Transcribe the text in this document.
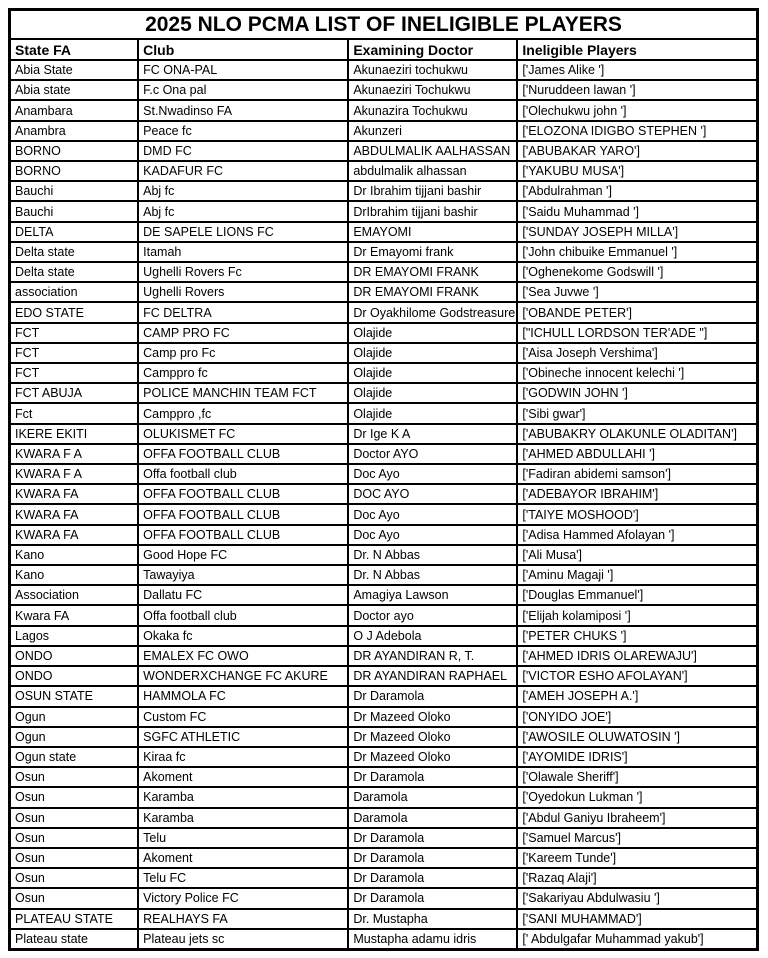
2025 NLO PCMA LIST OF INELIGIBLE PLAYERS			
State FA	Club	Examining Doctor	Ineligible Players
Abia State	FC ONA-PAL	Akunaeziri tochukwu	['James Alike ']
Abia state	F.c Ona pal	Akunaeziri Tochukwu	['Nuruddeen lawan ']
Anambara	St.Nwadinso FA	Akunazira Tochukwu	['Olechukwu john ']
Anambra	Peace fc	Akunzeri	['ELOZONA IDIGBO STEPHEN ']
BORNO	DMD FC	ABDULMALIK AALHASSAN	['ABUBAKAR YARO']
BORNO	KADAFUR FC	abdulmalik alhassan	['YAKUBU MUSA']
Bauchi	Abj fc	Dr Ibrahim tijjani bashir	['Abdulrahman ']
Bauchi	Abj fc	DrIbrahim tijjani bashir	['Saidu Muhammad ']
DELTA	DE SAPELE LIONS FC	EMAYOMI	['SUNDAY JOSEPH MILLA']
Delta state	Itamah	Dr Emayomi frank	['John chibuike Emmanuel ']
Delta state	Ughelli Rovers Fc	DR EMAYOMI FRANK	['Oghenekome Godswill ']
association	Ughelli Rovers	DR EMAYOMI FRANK	['Sea Juvwe ']
EDO STATE	FC DELTRA	Dr Oyakhilome Godstreasure	['OBANDE PETER']
FCT	CAMP PRO FC	Olajide	["ICHULL LORDSON TER'ADE "]
FCT	Camp pro Fc	Olajide	['Aisa Joseph Vershima']
FCT	Camppro fc	Olajide	['Obineche innocent kelechi ']
FCT ABUJA	POLICE MANCHIN TEAM FCT	Olajide	['GODWIN JOHN ']
Fct	Camppro ,fc	Olajide	['Sibi gwar']
IKERE EKITI	OLUKISMET FC	Dr Ige K A	['ABUBAKRY OLAKUNLE OLADITAN']
KWARA F A	OFFA FOOTBALL CLUB	Doctor AYO	['AHMED ABDULLAHI ']
KWARA F A	Offa football club	Doc Ayo	['Fadiran abidemi samson']
KWARA FA	OFFA FOOTBALL CLUB	DOC AYO	['ADEBAYOR IBRAHIM']
KWARA FA	OFFA FOOTBALL CLUB	Doc Ayo	['TAIYE MOSHOOD']
KWARA FA	OFFA FOOTBALL CLUB	Doc Ayo	['Adisa Hammed Afolayan ']
Kano	Good Hope FC	Dr. N Abbas	['Ali Musa']
Kano	Tawayiya	Dr. N Abbas	['Aminu Magaji ']
Association	Dallatu FC	Amagiya Lawson	['Douglas Emmanuel']
Kwara FA	Offa football club	Doctor ayo	['Elijah kolamiposi ']
Lagos	Okaka fc	O J Adebola	['PETER CHUKS ']
ONDO	EMALEX FC OWO	DR AYANDIRAN R, T.	['AHMED IDRIS OLAREWAJU']
ONDO	WONDERXCHANGE FC AKURE	DR AYANDIRAN RAPHAEL	['VICTOR ESHO AFOLAYAN']
OSUN STATE	HAMMOLA FC	Dr Daramola	['AMEH JOSEPH A.']
Ogun	Custom FC	Dr Mazeed Oloko	['ONYIDO JOE']
Ogun	SGFC ATHLETIC	Dr Mazeed Oloko	['AWOSILE OLUWATOSIN ']
Ogun state	Kiraa fc	Dr Mazeed Oloko	['AYOMIDE IDRIS']
Osun	Akoment	Dr Daramola	['Olawale Sheriff']
Osun	Karamba	Daramola	['Oyedokun Lukman ']
Osun	Karamba	Daramola	['Abdul Ganiyu Ibraheem']
Osun	Telu	Dr Daramola	['Samuel Marcus']
Osun	Akoment	Dr Daramola	['Kareem Tunde']
Osun	Telu FC	Dr Daramola	['Razaq Alaji']
Osun	Victory Police FC	Dr Daramola	['Sakariyau Abdulwasiu ']
PLATEAU STATE	REALHAYS FA	Dr. Mustapha	['SANI MUHAMMAD']
Plateau state	Plateau jets sc	Mustapha adamu idris	[' Abdulgafar Muhammad yakub']
